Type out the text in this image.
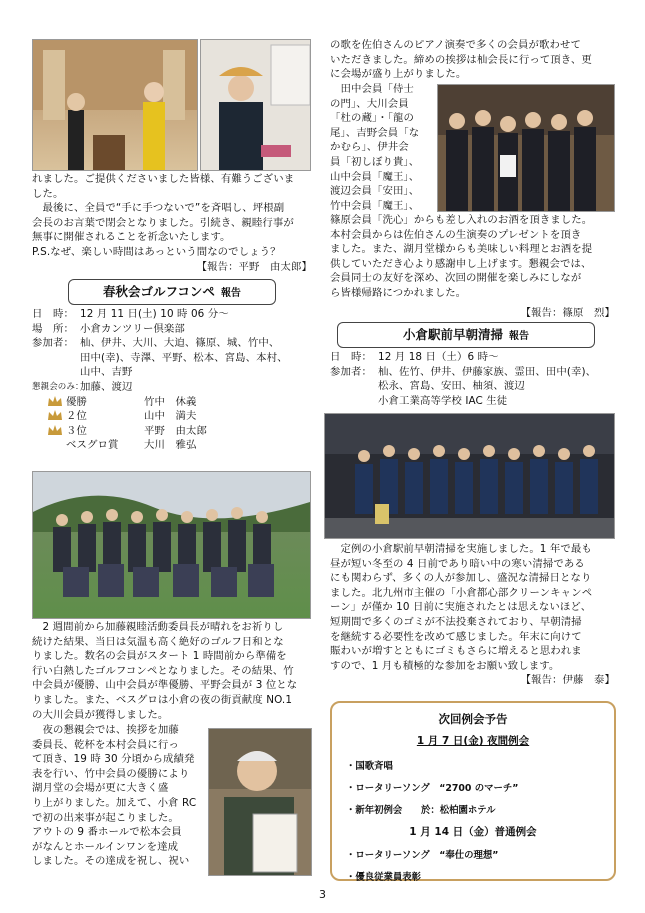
れました。ご提供くださいました皆様、有難うございま
した。
　最後に、全員で“手に手つないで”を斉唱し、坪根副
会長のお言葉で閉会となりました。引続き、親睦行事が
無事に開催されることを祈念いたします。
P.S.なぜ、楽しい時間はあっという間なのでしょう？
【報告：平野　由太郎】
春秋会ゴルフコンペ 報告
日　時： 12 月 11 日(土) 10 時 06 分～
場　所： 小倉カンツリー倶楽部
参加者： 杣、伊井、大川、大迫、篠原、城、竹中、
田中(幸)、寺澤、平野、松本、宮島、本村、
山中、吉野
懇親会のみ：
加藤、渡辺
優勝	竹中　休義
２位	山中　満夫
３位	平野　由太郎
ベスグロ賞	大川　雅弘
　2 週間前から加藤親睦活動委員長が晴れをお祈りし
続けた結果、当日は気温も高く絶好のゴルフ日和とな
りました。数名の会員がスタート 1 時間前から準備を
行い白熱したゴルフコンペとなりました。その結果、竹
中会員が優勝、山中会員が準優勝、平野会員が 3 位とな
りました。また、ベスグロは小倉の夜の街貢献度 NO.1
の大川会員が獲得しました。
　夜の懇親会では、挨拶を加藤
委員長、乾杯を本村会員に行っ
て頂き、19 時 30 分頃から成績発
表を行い、竹中会員の優勝により
湖月堂の会場が更に大きく盛
り上がりました。加えて、小倉 RC
で初の出来事が起こりました。
アウトの 9 番ホールで松本会員
がなんとホールインワンを達成
しました。その達成を祝し、祝い
の歌を佐伯さんのピアノ演奏で多くの会員が歌わせて
いただきました。締めの挨拶は杣会長に行って頂き、更
に会場が盛り上がりました。
　田中会員「侍士
の門」、大川会員
「杜の蔵」・「龍の
尾」、吉野会員「な
かむら」、伊井会
員「初しぼり貴」、
山中会員「魔王」、
渡辺会員「安田」、
竹中会員「魔王」、
篠原会員「洗心」からも差し入れのお酒を頂きました。
本村会員からは佐伯さんの生演奏のプレゼントを頂き
ました。また、湖月堂様からも美味しい料理とお酒を提
供していただき心より感謝申し上げます。懇親会では、
会員同士の友好を深め、次回の開催を楽しみにしなが
ら皆様帰路につかれました。
【報告：篠原　烈】
小倉駅前早朝清掃 報告
日　時： 12 月 18 日（土）6 時～
参加者： 杣、佐竹、伊井、伊藤家族、霊田、田中(幸)、
松永、宮島、安田、柚須、渡辺
小倉工業高等学校 IAC 生徒
　定例の小倉駅前早朝清掃を実施しました。1 年で最も
昼が短い冬至の 4 日前であり暗い中の寒い清掃である
にも関わらず、多くの人が参加し、盛況な清掃日となり
ました。北九州市主催の「小倉都心部クリーンキャンペ
ーン」が僅か 10 日前に実施されたとは思えないほど、
短期間で多くのゴミが不法投棄されており、早朝清掃
を継続する必要性を改めて感じました。年末に向けて
賑わいが増すとともにゴミもさらに増えると思われま
すので、1 月も積極的な参加をお願い致します。
【報告：伊藤　泰】
次回例会予告
1 月 7 日(金) 夜間例会
・国歌斉唱
・ロータリーソング　“2700 のマーチ”
・新年初例会　　於：松柏園ホテル
1 月 14 日（金）普通例会
・ロータリーソング　“奉仕の理想”
・優良従業員表彰
3
